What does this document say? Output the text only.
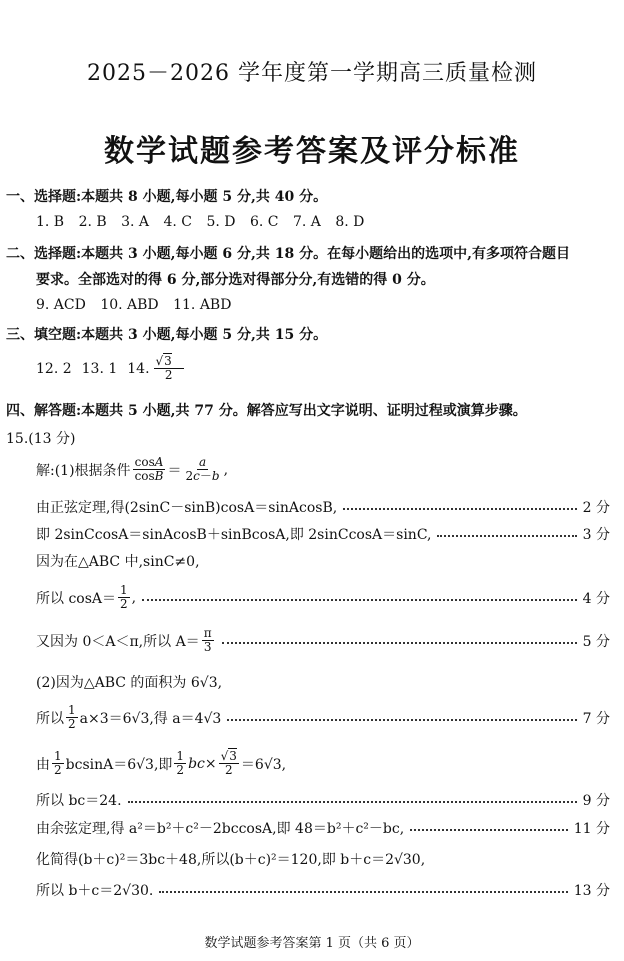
2025－2026 学年度第一学期高三质量检测
数学试题参考答案及评分标准
一、选择题:本题共 8 小题,每小题 5 分,共 40 分。
1. B 2. B 3. A 4. C 5. D 6. C 7. A 8. D
二、选择题:本题共 3 小题,每小题 6 分,共 18 分。在每小题给出的选项中,有多项符合题目
要求。全部选对的得 6 分,部分选对得部分分,有选错的得 0 分。
9. ACD 10. ABD 11. ABD
三、填空题:本题共 3 小题,每小题 5 分,共 15 分。
12. 2 13. 1 14. $\frac{√3}{2}$
四、解答题:本题共 5 小题,共 77 分。解答应写出文字说明、证明过程或演算步骤。
15.(13 分)
解:(1)根据条件 $\frac{\cos A}{\cos B} = \frac{a}{2c-b}$ ,
由正弦定理,得(2sinC－sinB)cosA＝sinAcosB,	2 分
即 2sinCcosA＝sinAcosB＋sinBcosA,即 2sinCcosA＝sinC,	3 分
因为在△ABC 中,sinC≠0,
所以 $\cos A= \frac{1}{2}$ ,	4 分
又因为 0＜A＜π,所以 $A= \frac{\pi}{3}$	5 分
(2)因为△ABC 的面积为 6√3,
所以 $\frac{1}{2} a\times 3=6√3$,得 a＝4√3	7 分
由 $\frac{1}{2} bcsinA=6√3$,即 $\frac{1}{2} bc\times \frac{√3}{2} =6√3$,
所以 bc＝24.	9 分
由余弦定理,得 a²＝b²＋c²－2bccosA,即 48＝b²＋c²－bc,	11 分
化简得(b＋c)²＝3bc＋48,所以(b＋c)²＝120,即 b＋c＝2√30,
所以 b＋c＝2√30.	13 分
数学试题参考答案第 1 页（共 6 页）
